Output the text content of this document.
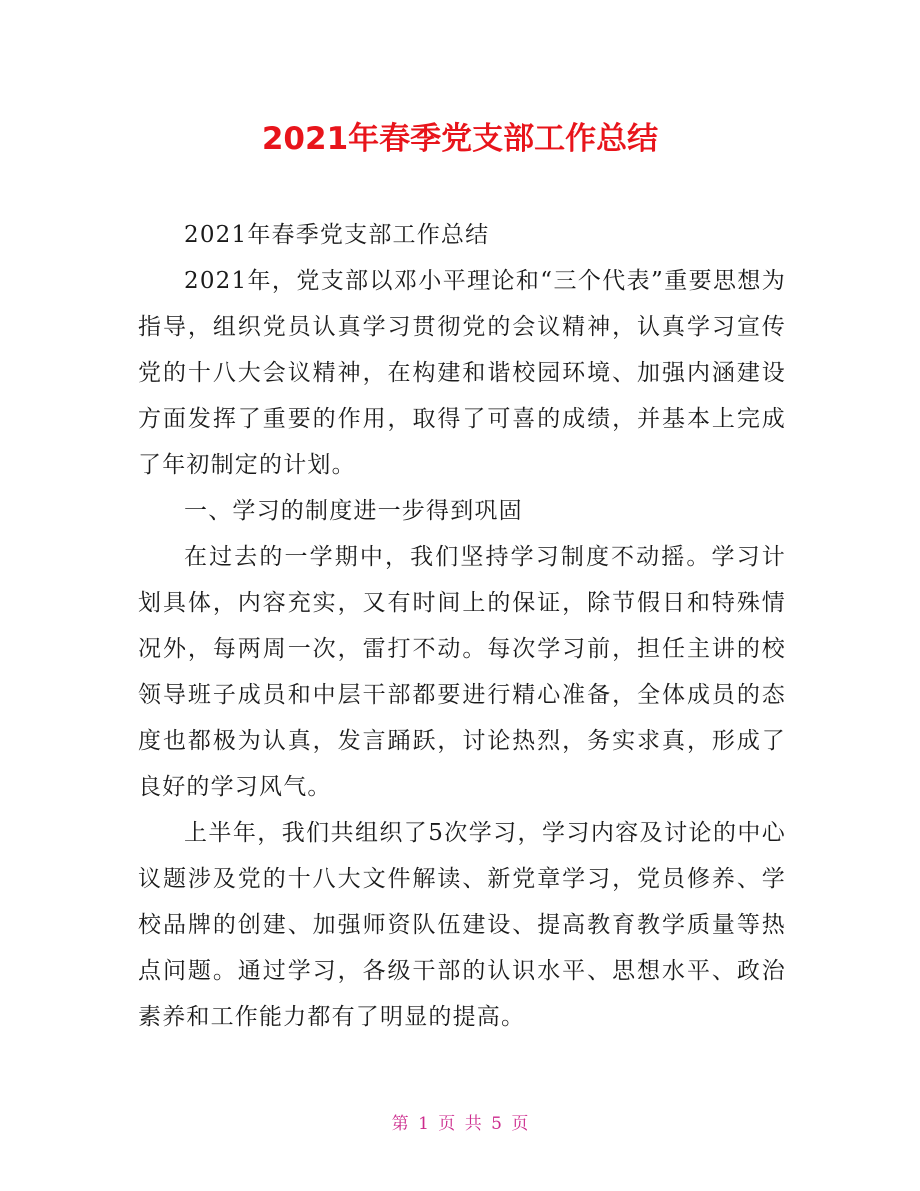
2021年春季党支部工作总结

2021年春季党支部工作总结

2021年，党支部以邓小平理论和“三个代表”重要思想为指导，组织党员认真学习贯彻党的会议精神，认真学习宣传党的十八大会议精神，在构建和谐校园环境、加强内涵建设方面发挥了重要的作用，取得了可喜的成绩，并基本上完成了年初制定的计划。

一、学习的制度进一步得到巩固

在过去的一学期中，我们坚持学习制度不动摇。学习计划具体，内容充实，又有时间上的保证，除节假日和特殊情况外，每两周一次，雷打不动。每次学习前，担任主讲的校领导班子成员和中层干部都要进行精心准备，全体成员的态度也都极为认真，发言踊跃，讨论热烈，务实求真，形成了良好的学习风气。

上半年，我们共组织了5次学习，学习内容及讨论的中心议题涉及党的十八大文件解读、新党章学习，党员修养、学校品牌的创建、加强师资队伍建设、提高教育教学质量等热点问题。通过学习，各级干部的认识水平、思想水平、政治素养和工作能力都有了明显的提高。

第 1 页 共 5 页
